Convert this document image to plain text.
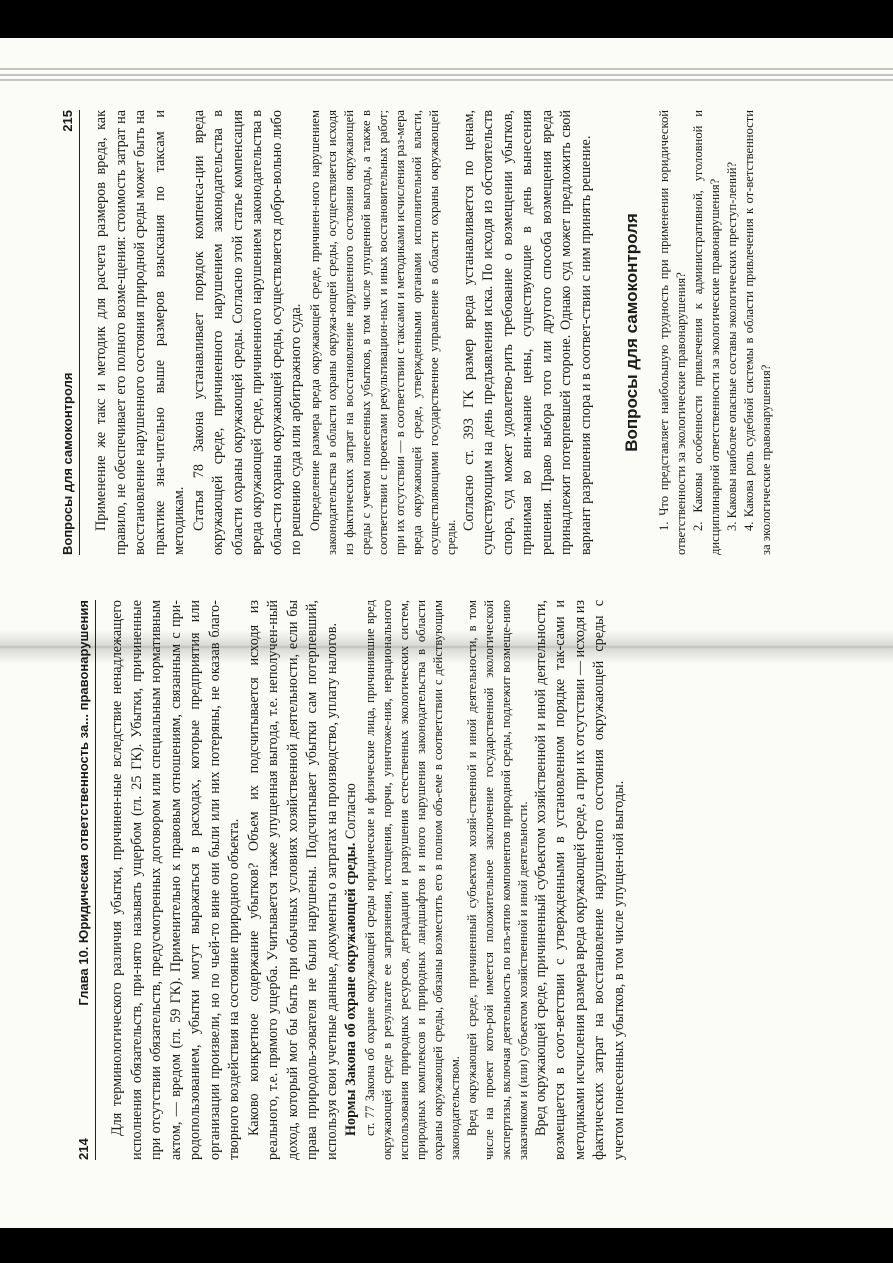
214
Глава 10. Юридическая ответственность за... правонарушения Для терминологического различия убытки, причинен-ные вследствие ненадлежащего исполнения обязательств, при-нято называть ущербом (гл. 25 ГК). Убытки, причиненные при отсутствии обязательств, предусмотренных договором или специальным нормативным актом, — вредом (гл. 59 ГК). Применительно к правовым отношениям, связанным с при-родопользованием, убытки могут выражаться в расходах, которые предприятия или организации произвели, но по чьей-то вине они были или них потеряны, не оказав благо-творного воздействия на состояние природного объекта. Каково конкретное содержание убытков? Объем их подсчитывается исходя из реального, т.е. прямого ущерба. Учитывается также упущенная выгода, т.е. неполучен-ный доход, который мог бы быть при обычных условиях хозяйственной деятельности, если бы права природоль-зователя не были нарушены. Подсчитывает убытки сам потерпевший, используя свои учетные данные, документы о затратах на производство, уплату налогов. Нормы Закона об охране окружающей среды. Согласно ст. 77 Закона об охране окружающей среды юридические и физические лица, причинившие вред окружающей среде в результате ее загрязнения, истощения, порчи, уничтоже-ния, нерационального использования природных ресурсов, деградации и разрушения естественных экологических систем, природных комплексов и природных ландшафтов и иного нарушения законодательства в области охраны окружающей среды, обязаны возместить его в полном объ-еме в соответствии с действующим законодательством. Вред окружающей среде, причиненный субъектом хозяй-ственной и иной деятельности, в том числе на проект кото-рой имеется положительное заключение государственной экологической экспертизы, включая деятельность по изъ-ятию компонентов природной среды, подлежит возмеще-нию заказчиком и (или) субъектом хозяйственной и иной деятельности. Вред окружающей среде, причиненный субъектом хозяйственной и иной деятельности, возмещается в соот-ветствии с утвержденными в установленном порядке так-сами и методиками исчисления размера вреда окружающей среде, а при их отсутствии — исходя из фактических затрат на восстановление нарушенного состояния окружающей среды с учетом понесенных убытков, в том числе упущен-ной выгоды.

Вопросы для самоконтроля
215 Применение же такс и методик для расчета размеров вреда, как правило, не обеспечивает его полного возме-щения: стоимость затрат на восстановление нарушенного состояния природной среды может быть на практике зна-чительно выше размеров взыскания по таксам и методикам. Статья 78 Закона устанавливает порядок компенса-ции вреда окружающей среде, причиненного нарушением законодательства в области охраны окружающей среды. Согласно этой статье компенсация вреда окружающей среде, причиненного нарушением законодательства в обла-сти охраны окружающей среды, осуществляется добро-вольно либо по решению суда или арбитражного суда. Определение размера вреда окружающей среде, причинен-ного нарушением законодательства в области охраны окружа-ющей среды, осуществляется исходя из фактических затрат на восстановление нарушенного состояния окружающей среды с учетом понесенных убытков, в том числе упущенной выгоды, а также в соответствии с проектами рекультивацион-ных и иных восстановительных работ; при их отсутствии — в соответствии с таксами и методиками исчисления раз-мера вреда окружающей среде, утвержденными органами исполнительной власти, осуществляющими государственное управление в области охраны окружающей среды.

Согласно ст. 393 ГК размер вреда устанавливается по ценам, существующим на день предъявления иска. По исходя из обстоятельств спора, суд может удовлетво-рить требование о возмещении убытков, принимая во вни-мание цены, существующие в день вынесения решения. Право выбора того или другого способа возмещения вреда принадлежит потерпевшей стороне. Однако суд может предложить свой вариант разрешения спора и в соответ-ствии с ним принять решение. Вопросы для самоконтроля 1. Что представляет наибольшую трудность при применении юридической ответственности за экологические правонарушения? 2. Каковы особенности привлечения к административной, уголовной и дисциплинарной ответственности за экологические правонарушения? 3. Каковы наиболее опасные составы экологических преступ-лений? 4. Какова роль судебной системы в области привлечения к от-ветственности за экологические правонарушения?
